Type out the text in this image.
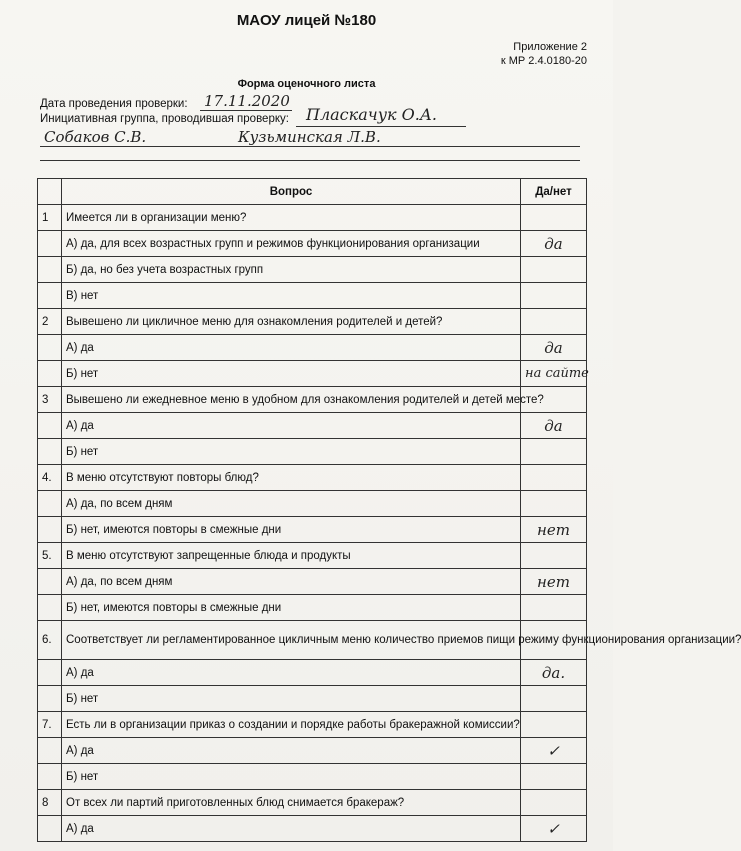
МАОУ лицей №180
Приложение 2
к МР 2.4.0180-20
Форма оценочного листа
Дата проведения проверки: 17.11.2020
Инициативная группа, проводившая проверку: Пласкачук О.А.
Собаков С.В.	Кузьминская Л.В.
	Вопрос	Да/нет
1	Имеется ли в организации меню?	
	А) да, для всех возрастных групп и режимов функционирования организации	да
	Б) да, но без учета возрастных групп	
	В) нет	
2	Вывешено ли цикличное меню для ознакомления родителей и детей?	
	А) да	да
	Б) нет	на сайте
3	Вывешено ли ежедневное меню в удобном для ознакомления родителей и детей месте?	
	А) да	да
	Б) нет	
4.	В меню отсутствуют повторы блюд?	
	А) да, по всем дням	
	Б) нет, имеются повторы в смежные дни	нет
5.	В меню отсутствуют запрещенные блюда и продукты	
	А) да, по всем дням	нет
	Б) нет, имеются повторы в смежные дни	
6.	Соответствует ли регламентированное цикличным меню количество приемов пищи режиму функционирования организации?	
	А) да	да.
	Б) нет	
7.	Есть ли в организации приказ о создании и порядке работы бракеражной комиссии?	
	А) да	✓
	Б) нет	
8	От всех ли партий приготовленных блюд снимается бракераж?	
	А) да	✓
